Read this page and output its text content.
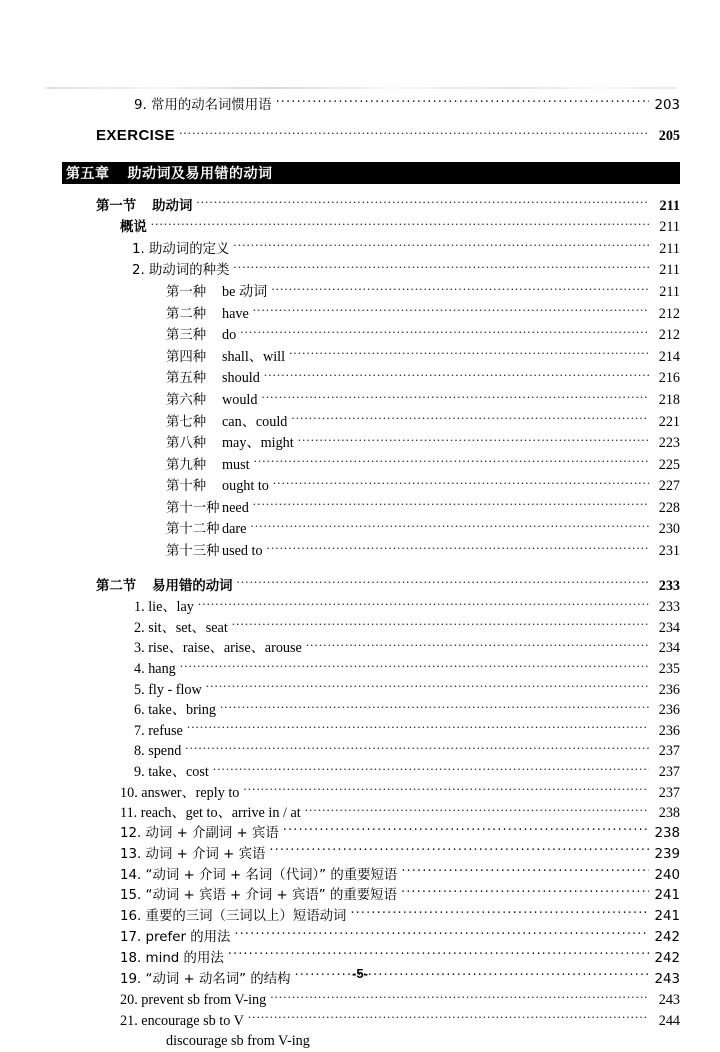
9. 常用的动名词惯用语 .....	203
EXERCISE .....	205
第五章	助动词及易用错的动词
第一节 助动词 .....	211
概说 .....	211
1. 助动词的定义 .....	211
2. 助动词的种类 .....	211
第一种 be 动词 .....	211
第二种 have .....	212
第三种 do .....	212
第四种 shall、will .....	214
第五种 should .....	216
第六种 would .....	218
第七种 can、could .....	221
第八种 may、might .....	223
第九种 must .....	225
第十种 ought to .....	227
第十一种 need .....	228
第十二种 dare .....	230
第十三种 used to .....	231
第二节 易用错的动词 .....	233
1. lie、lay .....	233
2. sit、set、seat .....	234
3. rise、raise、arise、arouse .....	234
4. hang .....	235
5. fly - flow .....	236
6. take、bring .....	236
7. refuse .....	236
8. spend .....	237
9. take、cost .....	237
10. answer、reply to .....	237
11. reach、get to、arrive in / at .....	238
12. 动词 + 介副词 + 宾语 .....	238
13. 动词 + 介词 + 宾语 .....	239
14. “动词 + 介词 + 名词（代词）” 的重要短语 .....	240
15. “动词 + 宾语 + 介词 + 宾语” 的重要短语 .....	241
16. 重要的三词（三词以上）短语动词 .....	241
17. prefer 的用法 .....	242
18. mind 的用法 .....	242
19. “动词 + 动名词” 的结构 .....	243
20. prevent sb from V-ing .....	243
21. encourage sb to V .....	244
discourage sb from V-ing
-5-
